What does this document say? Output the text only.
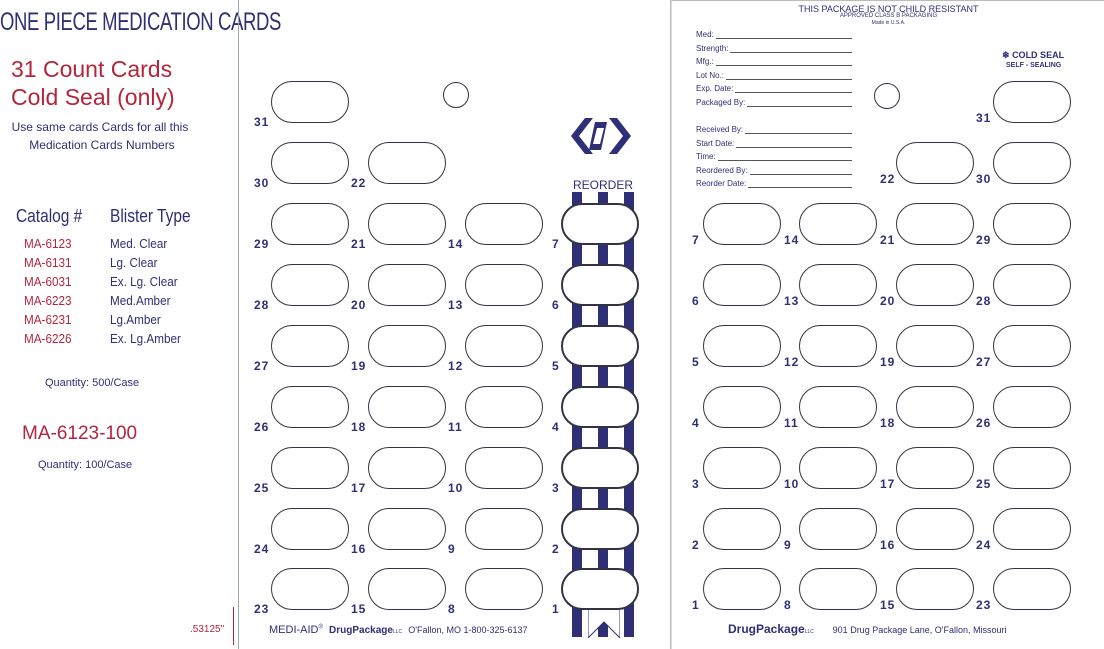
ONE PIECE MEDICATION CARDS
31 Count Cards
Cold Seal (only)
Use same cards Cards for all this
Medication Cards Numbers
Catalog # Blister Type
MA-6123	Med. Clear
MA-6131	Lg. Clear
MA-6031	Ex. Lg. Clear
MA-6223	Med.Amber
MA-6231	Lg.Amber
MA-6226	Ex. Lg.Amber
Quantity: 500/Case
MA-6123-100
Quantity: 100/Case
.53125"
REORDER
MEDI-AID® DrugPackageLLC O'Fallon, MO 1-800-325-6137
THIS PACKAGE IS NOT CHILD RESISTANT
APPROVED CLASS B PACKAGING
Made in U.S.A.
❄ COLD SEAL
SELF - SEALING
Med:
Strength:
Mfg.:
Lot No.:
Exp. Date:
Packaged By:
Received By:
Start Date:
Time:
Reordered By:
Reorder Date:
DrugPackageLLC 901 Drug Package Lane, O'Fallon, Missouri
31
30
29
28
27
26
25
24
23
22
21
20
19
18
17
16
15
14
13
12
11
10
9
8
7
6
5
4
3
2
1
7
6
5
4
3
2
1
14
13
12
11
10
9
8
22
21
20
19
18
17
16
15
31
30
29
28
27
26
25
24
23
